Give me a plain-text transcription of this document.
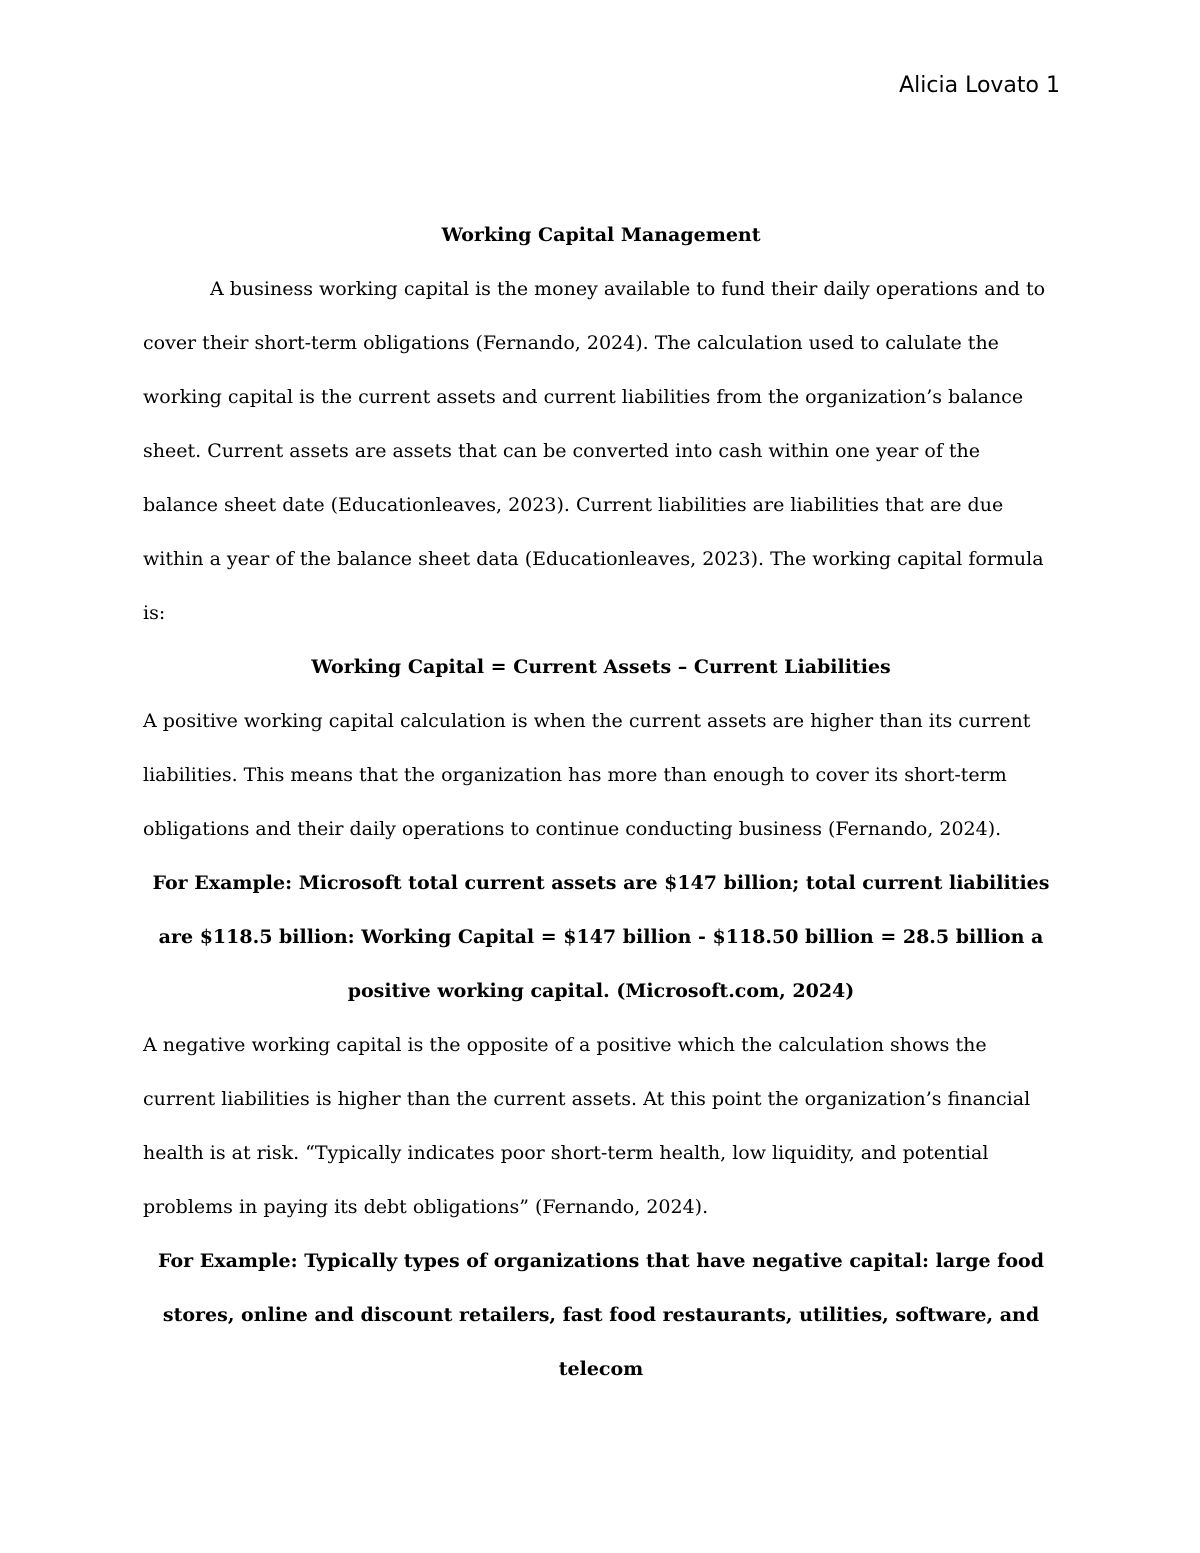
Alicia Lovato 1

Working Capital Management

A business working capital is the money available to fund their daily operations and to cover their short-term obligations (Fernando, 2024). The calculation used to calulate the working capital is the current assets and current liabilities from the organization’s balance sheet. Current assets are assets that can be converted into cash within one year of the balance sheet date (Educationleaves, 2023). Current liabilities are liabilities that are due within a year of the balance sheet data (Educationleaves, 2023). The working capital formula is:

Working Capital = Current Assets – Current Liabilities

A positive working capital calculation is when the current assets are higher than its current liabilities. This means that the organization has more than enough to cover its short-term obligations and their daily operations to continue conducting business (Fernando, 2024).

For Example: Microsoft total current assets are $147 billion; total current liabilities are $118.5 billion: Working Capital = $147 billion - $118.50 billion = 28.5 billion a positive working capital. (Microsoft.com, 2024)

A negative working capital is the opposite of a positive which the calculation shows the current liabilities is higher than the current assets. At this point the organization’s financial health is at risk. “Typically indicates poor short-term health, low liquidity, and potential problems in paying its debt obligations” (Fernando, 2024).

For Example: Typically types of organizations that have negative capital: large food stores, online and discount retailers, fast food restaurants, utilities, software, and telecom
